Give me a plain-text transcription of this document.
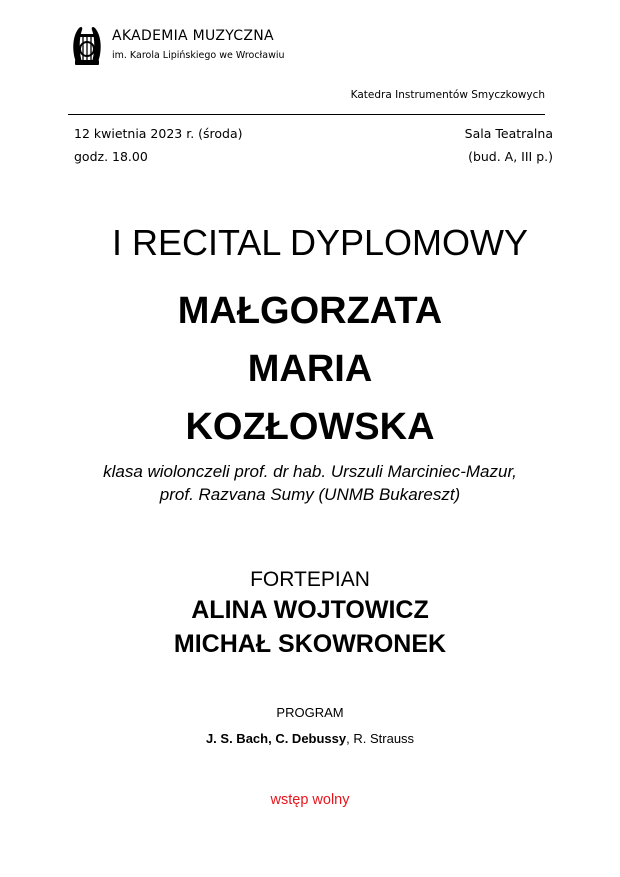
AKADEMIA MUZYCZNA
im. Karola Lipińskiego we Wrocławiu
Katedra Instrumentów Smyczkowych
12 kwietnia 2023 r. (środa)
godz. 18.00
Sala Teatralna
(bud. A, III p.)
I RECITAL DYPLOMOWY
MAŁGORZATA
MARIA
KOZŁOWSKA
klasa wiolonczeli prof. dr hab. Urszuli Marciniec-Mazur,
prof. Razvana Sumy (UNMB Bukareszt)
FORTEPIAN
ALINA WOJTOWICZ
MICHAŁ SKOWRONEK
PROGRAM
J. S. Bach, C. Debussy, R. Strauss
wstęp wolny
